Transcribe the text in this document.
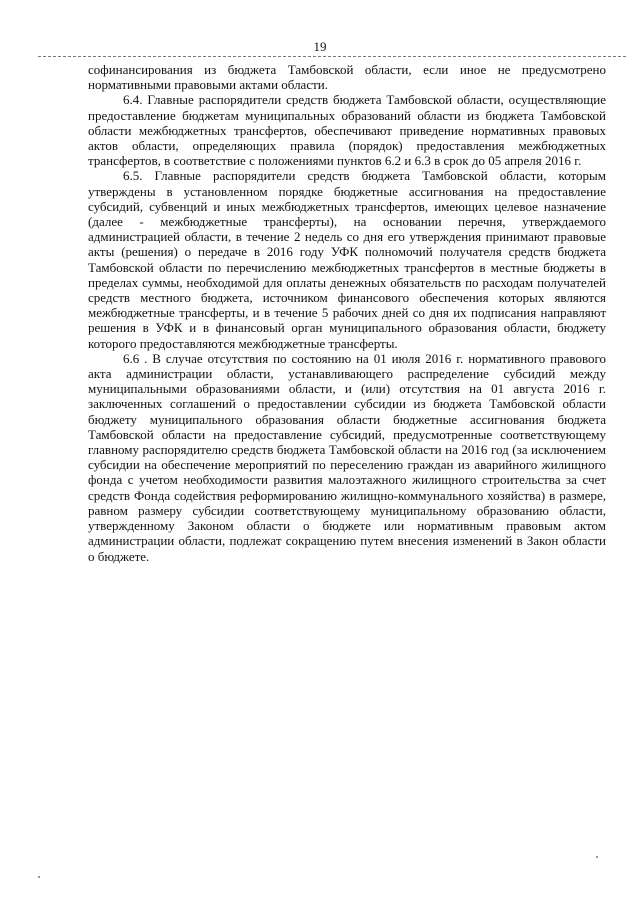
19

софинансирования из бюджета Тамбовской области, если иное не предусмотрено нормативными правовыми актами области.

6.4. Главные распорядители средств бюджета Тамбовской области, осуществляющие предоставление бюджетам муниципальных образований области из бюджета Тамбовской области межбюджетных трансфертов, обеспечивают приведение нормативных правовых актов области, определяющих правила (порядок) предоставления межбюджетных трансфертов, в соответствие с положениями пунктов 6.2 и 6.3 в срок до 05 апреля 2016 г.

6.5. Главные распорядители средств бюджета Тамбовской области, которым утверждены в установленном порядке бюджетные ассигнования на предоставление субсидий, субвенций и иных межбюджетных трансфертов, имеющих целевое назначение (далее - межбюджетные трансферты), на основании перечня, утверждаемого администрацией области, в течение 2 недель со дня его утверждения принимают правовые акты (решения) о передаче в 2016 году УФК полномочий получателя средств бюджета Тамбовской области по перечислению межбюджетных трансфертов в местные бюджеты в пределах суммы, необходимой для оплаты денежных обязательств по расходам получателей средств местного бюджета, источником финансового обеспечения которых являются межбюджетные трансферты, и в течение 5 рабочих дней со дня их подписания направляют решения в УФК и в финансовый орган муниципального образования области, бюджету которого предоставляются межбюджетные трансферты.

6.6 . В случае отсутствия по состоянию на 01 июля 2016 г. нормативного правового акта администрации области, устанавливающего распределение субсидий между муниципальными образованиями области, и (или) отсутствия на 01 августа 2016 г. заключенных соглашений о предоставлении субсидии из бюджета Тамбовской области бюджету муниципального образования области бюджетные ассигнования бюджета Тамбовской области на предоставление субсидий, предусмотренные соответствующему главному распорядителю средств бюджета Тамбовской области на 2016 год (за исключением субсидии на обеспечение мероприятий по переселению граждан из аварийного жилищного фонда с учетом необходимости развития малоэтажного жилищного строительства за счет средств Фонда содействия реформированию жилищно-коммунального хозяйства) в размере, равном размеру субсидии соответствующему муниципальному образованию области, утвержденному Законом области о бюджете или нормативным правовым актом администрации области, подлежат сокращению путем внесения изменений в Закон области о бюджете.
